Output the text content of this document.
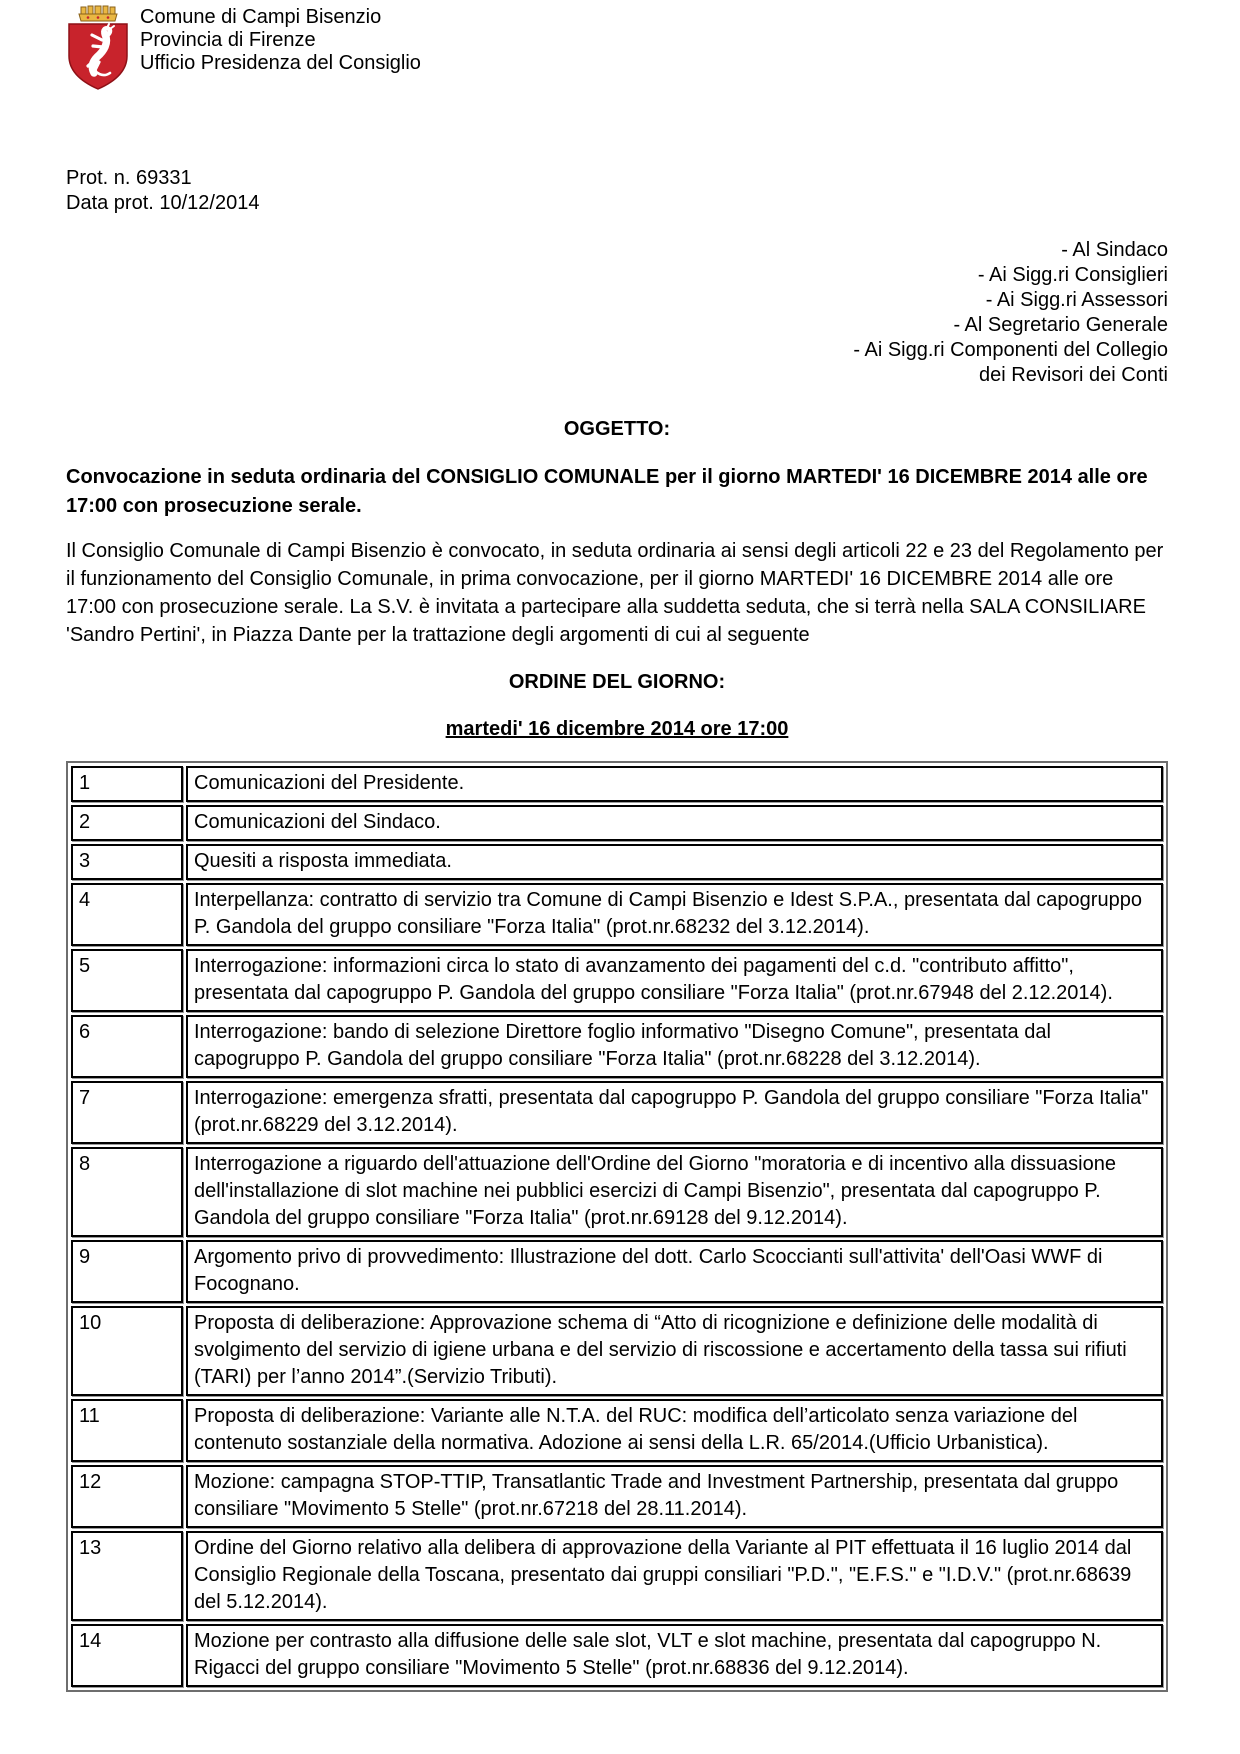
Comune di Campi Bisenzio
Provincia di Firenze
Ufficio Presidenza del Consiglio
Prot. n. 69331
Data prot. 10/12/2014
- Al Sindaco
- Ai Sigg.ri Consiglieri
- Ai Sigg.ri Assessori
- Al Segretario Generale
- Ai Sigg.ri Componenti del Collegio
dei Revisori dei Conti
OGGETTO:
Convocazione in seduta ordinaria del CONSIGLIO COMUNALE per il giorno MARTEDI' 16 DICEMBRE 2014 alle ore 17:00 con prosecuzione serale.
Il Consiglio Comunale di Campi Bisenzio è convocato, in seduta ordinaria ai sensi degli articoli 22 e 23 del Regolamento per il funzionamento del Consiglio Comunale, in prima convocazione, per il giorno MARTEDI' 16 DICEMBRE 2014 alle ore 17:00 con prosecuzione serale. La S.V. è invitata a partecipare alla suddetta seduta, che si terrà nella SALA CONSILIARE 'Sandro Pertini', in Piazza Dante per la trattazione degli argomenti di cui al seguente
ORDINE DEL GIORNO:
martedi' 16 dicembre 2014 ore 17:00
1	Comunicazioni del Presidente.
2	Comunicazioni del Sindaco.
3	Quesiti a risposta immediata.
4	Interpellanza: contratto di servizio tra Comune di Campi Bisenzio e Idest S.P.A., presentata dal capogruppo P. Gandola del gruppo consiliare "Forza Italia" (prot.nr.68232 del 3.12.2014).
5	Interrogazione: informazioni circa lo stato di avanzamento dei pagamenti del c.d. "contributo affitto", presentata dal capogruppo P. Gandola del gruppo consiliare "Forza Italia" (prot.nr.67948 del 2.12.2014).
6	Interrogazione: bando di selezione Direttore foglio informativo "Disegno Comune", presentata dal capogruppo P. Gandola del gruppo consiliare "Forza Italia" (prot.nr.68228 del 3.12.2014).
7	Interrogazione: emergenza sfratti, presentata dal capogruppo P. Gandola del gruppo consiliare "Forza Italia" (prot.nr.68229 del 3.12.2014).
8	Interrogazione a riguardo dell'attuazione dell'Ordine del Giorno "moratoria e di incentivo alla dissuasione dell'installazione di slot machine nei pubblici esercizi di Campi Bisenzio", presentata dal capogruppo P. Gandola del gruppo consiliare "Forza Italia" (prot.nr.69128 del 9.12.2014).
9	Argomento privo di provvedimento: Illustrazione del dott. Carlo Scoccianti sull'attivita' dell'Oasi WWF di Focognano.
10	Proposta di deliberazione: Approvazione schema di “Atto di ricognizione e definizione delle modalità di svolgimento del servizio di igiene urbana e del servizio di riscossione e accertamento della tassa sui rifiuti (TARI) per l’anno 2014”.(Servizio Tributi).
11	Proposta di deliberazione: Variante alle N.T.A. del RUC: modifica dell’articolato senza variazione del contenuto sostanziale della normativa. Adozione ai sensi della L.R. 65/2014.(Ufficio Urbanistica).
12	Mozione: campagna STOP-TTIP, Transatlantic Trade and Investment Partnership, presentata dal gruppo consiliare "Movimento 5 Stelle" (prot.nr.67218 del 28.11.2014).
13	Ordine del Giorno relativo alla delibera di approvazione della Variante al PIT effettuata il 16 luglio 2014 dal Consiglio Regionale della Toscana, presentato dai gruppi consiliari "P.D.", "E.F.S." e "I.D.V." (prot.nr.68639 del 5.12.2014).
14	Mozione per contrasto alla diffusione delle sale slot, VLT e slot machine, presentata dal capogruppo N. Rigacci del gruppo consiliare "Movimento 5 Stelle" (prot.nr.68836 del 9.12.2014).
